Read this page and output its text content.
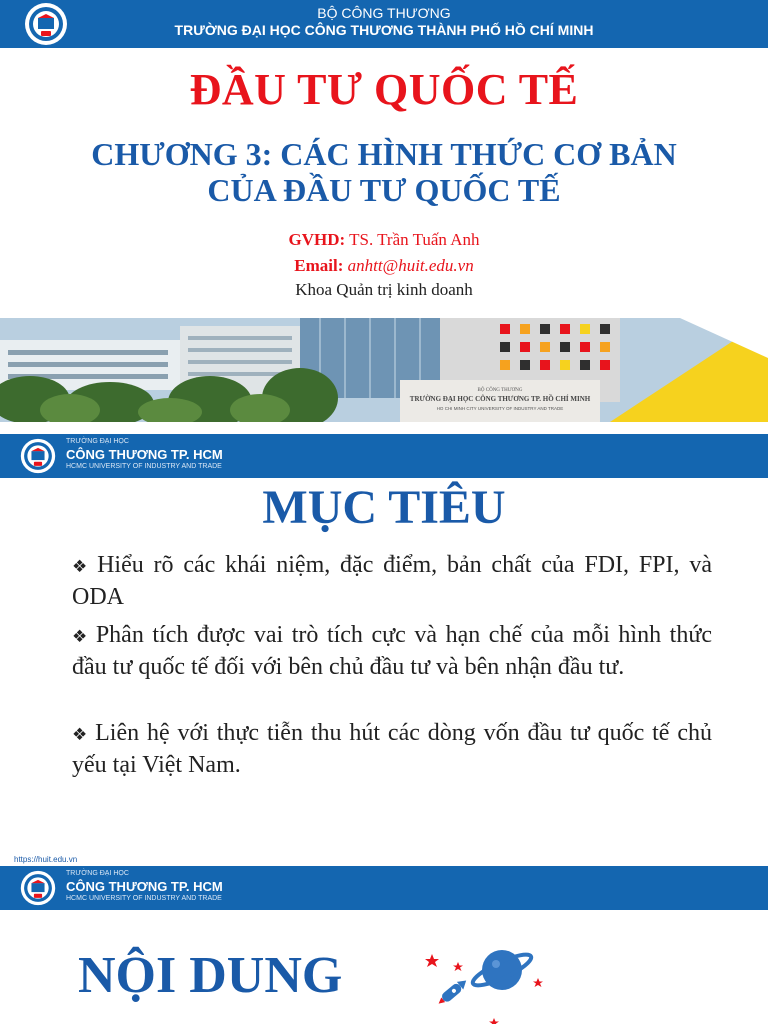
BỘ CÔNG THƯƠNG
TRƯỜNG ĐẠI HỌC CÔNG THƯƠNG THÀNH PHỐ HỒ CHÍ MINH
ĐẦU TƯ QUỐC TẾ
CHƯƠNG 3: CÁC HÌNH THỨC CƠ BẢN
CỦA ĐẦU TƯ QUỐC TẾ
GVHD: TS. Trần Tuấn Anh
Email: anhtt@huit.edu.vn
Khoa Quản trị kinh doanh
BỘ CÔNG THƯƠNG
TRƯỜNG ĐẠI HỌC CÔNG THƯƠNG TP. HỒ CHÍ MINH
HO CHI MINH CITY UNIVERSITY OF INDUSTRY AND TRADE
TRƯỜNG ĐẠI HỌC
CÔNG THƯƠNG TP. HCM
HCMC UNIVERSITY OF INDUSTRY AND TRADE
MỤC TIÊU
❖ Hiểu rõ các khái niệm, đặc điểm, bản chất của FDI, FPI, và ODA
❖ Phân tích được vai trò tích cực và hạn chế của mỗi hình thức đầu tư quốc tế đối với bên chủ đầu tư và bên nhận đầu tư.
❖ Liên hệ với thực tiễn thu hút các dòng vốn đầu tư quốc tế chủ yếu tại Việt Nam.
https://huit.edu.vn
TRƯỜNG ĐẠI HỌC
CÔNG THƯƠNG TP. HCM
HCMC UNIVERSITY OF INDUSTRY AND TRADE
NỘI DUNG
